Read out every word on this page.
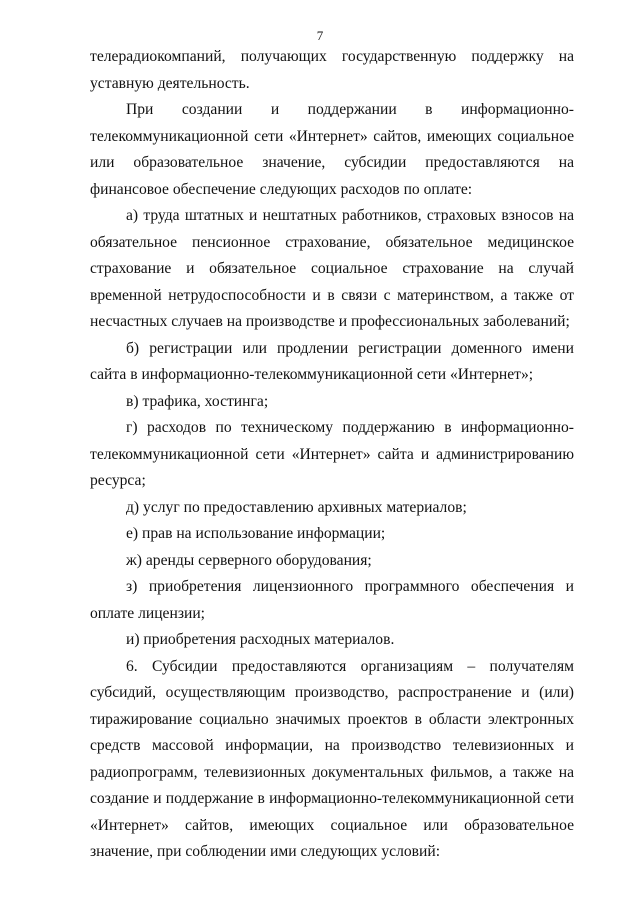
7

телерадиокомпаний, получающих государственную поддержку на уставную деятельность.

При создании и поддержании в информационно-телекоммуникационной сети «Интернет» сайтов, имеющих социальное или образовательное значение, субсидии предоставляются на финансовое обеспечение следующих расходов по оплате:

а) труда штатных и нештатных работников, страховых взносов на обязательное пенсионное страхование, обязательное медицинское страхование и обязательное социальное страхование на случай временной нетрудоспособности и в связи с материнством, а также от несчастных случаев на производстве и профессиональных заболеваний;

б) регистрации или продлении регистрации доменного имени сайта в информационно-телекоммуникационной сети «Интернет»;

в) трафика, хостинга;

г) расходов по техническому поддержанию в информационно-телекоммуникационной сети «Интернет» сайта и администрированию ресурса;

д) услуг по предоставлению архивных материалов;

е) прав на использование информации;

ж) аренды серверного оборудования;

з) приобретения лицензионного программного обеспечения и оплате лицензии;

и) приобретения расходных материалов.

6. Субсидии предоставляются организациям – получателям субсидий, осуществляющим производство, распространение и (или) тиражирование социально значимых проектов в области электронных средств массовой информации, на производство телевизионных и радиопрограмм, телевизионных документальных фильмов, а также на создание и поддержание в информационно-телекоммуникационной сети «Интернет» сайтов, имеющих социальное или образовательное значение, при соблюдении ими следующих условий:
